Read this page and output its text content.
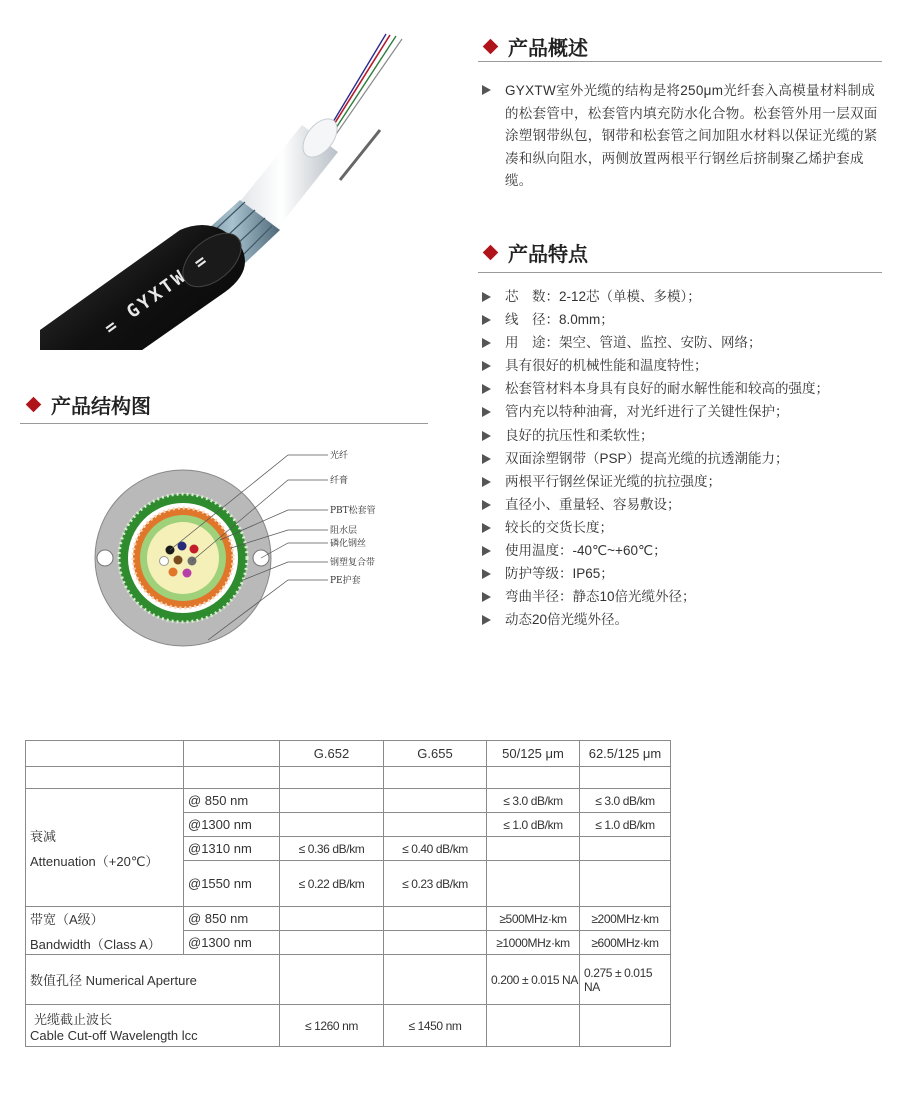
= GYXTW =
产品概述

GYXTW室外光缆的结构是将250μm光纤套入高模量材料制成的松套管中，松套管内填充防水化合物。松套管外用一层双面涂塑钢带纵包，钢带和松套管之间加阻水材料以保证光缆的紧凑和纵向阻水，两侧放置两根平行钢丝后挤制聚乙烯护套成缆。

产品特点
芯　数：2-12芯（单模、多模）；
线　径：8.0mm；
用　途：架空、管道、监控、安防、网络；
具有很好的机械性能和温度特性；
松套管材料本身具有良好的耐水解性能和较高的强度；
管内充以特种油膏，对光纤进行了关键性保护；
良好的抗压性和柔软性；
双面涂塑钢带（PSP）提高光缆的抗透潮能力；
两根平行钢丝保证光缆的抗拉强度；
直径小、重量轻、容易敷设；
较长的交货长度；
使用温度：-40℃~+60℃；
防护等级：IP65；
弯曲半径：静态10倍光缆外径；
动态20倍光缆外径。
产品结构图
光纤
纤膏
PBT松套管
阻水层
磷化钢丝
钢塑复合带
PE护套
		G.652	G.655	50/125 μm	62.5/125 μm

衰减
Attenuation（+20℃）	@ 850 nm			≤ 3.0 dB/km	≤ 3.0 dB/km
	@1300 nm			≤ 1.0 dB/km	≤ 1.0 dB/km
	@1310 nm	≤ 0.36 dB/km	≤ 0.40 dB/km		
	@1550 nm	≤ 0.22 dB/km	≤ 0.23 dB/km		

带宽（A级）
Bandwidth（Class A）	@ 850 nm			≥500MHz·km	≥200MHz·km
	@1300 nm			≥1000MHz·km	≥600MHz·km
数值孔径 Numerical Aperture				0.200 ± 0.015 NA	0.275 ± 0.015 NA

光缆截止波长
Cable Cut-off Wavelength lcc		≤ 1260 nm	≤ 1450 nm		
